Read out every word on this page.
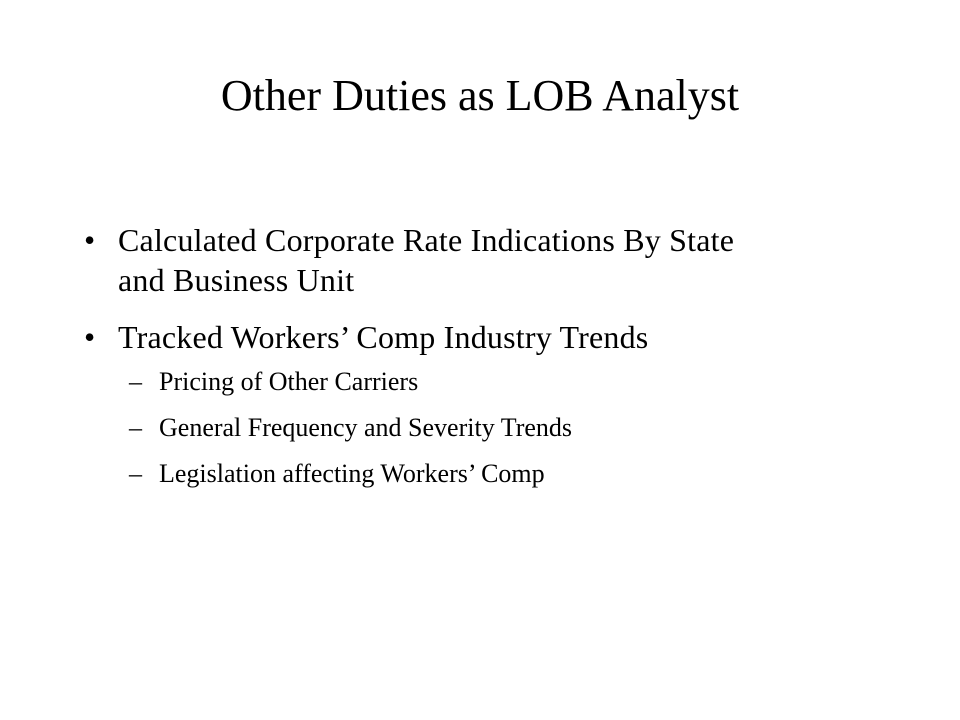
Other Duties as LOB Analyst
• Calculated Corporate Rate Indications By State
and Business Unit
• Tracked Workers’ Comp Industry Trends
– Pricing of Other Carriers
– General Frequency and Severity Trends
– Legislation affecting Workers’ Comp
